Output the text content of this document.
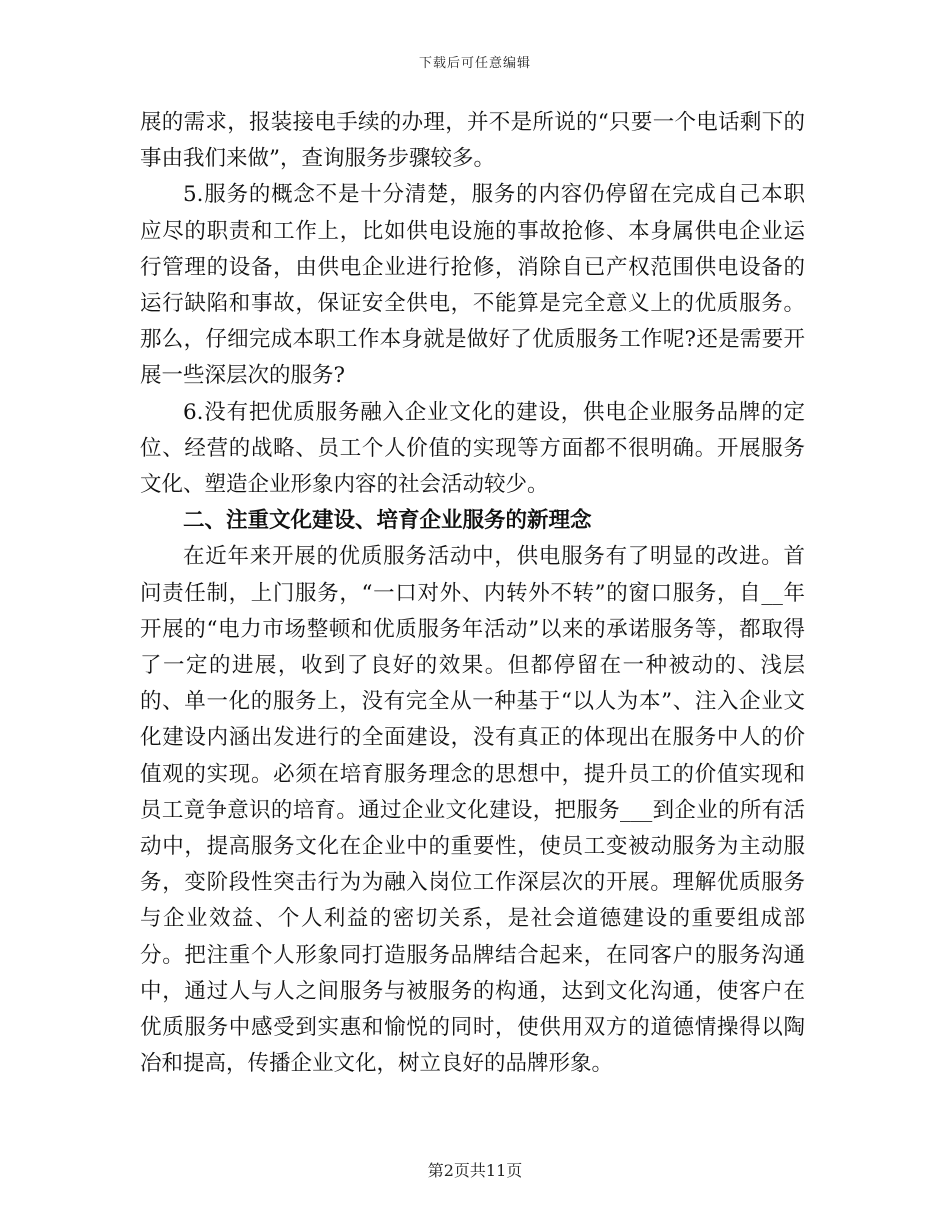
下载后可任意编辑

展的需求，报装接电手续的办理，并不是所说的“只要一个电话剩下的事由我们来做”，查询服务步骤较多。

5.服务的概念不是十分清楚，服务的内容仍停留在完成自己本职应尽的职责和工作上，比如供电设施的事故抢修、本身属供电企业运行管理的设备，由供电企业进行抢修，消除自已产权范围供电设备的运行缺陷和事故，保证安全供电，不能算是完全意义上的优质服务。那么，仔细完成本职工作本身就是做好了优质服务工作呢?还是需要开展一些深层次的服务?

6.没有把优质服务融入企业文化的建设，供电企业服务品牌的定位、经营的战略、员工个人价值的实现等方面都不很明确。开展服务文化、塑造企业形象内容的社会活动较少。

二、注重文化建设、培育企业服务的新理念

在近年来开展的优质服务活动中，供电服务有了明显的改进。首问责任制，上门服务，“一口对外、内转外不转”的窗口服务，自__年开展的“电力市场整顿和优质服务年活动”以来的承诺服务等，都取得了一定的进展，收到了良好的效果。但都停留在一种被动的、浅层的、单一化的服务上，没有完全从一种基于“以人为本”、注入企业文化建设内涵出发进行的全面建设，没有真正的体现出在服务中人的价值观的实现。必须在培育服务理念的思想中，提升员工的价值实现和员工竟争意识的培育。通过企业文化建设，把服务___到企业的所有活动中，提高服务文化在企业中的重要性，使员工变被动服务为主动服务，变阶段性突击行为为融入岗位工作深层次的开展。理解优质服务与企业效益、个人利益的密切关系，是社会道德建设的重要组成部分。把注重个人形象同打造服务品牌结合起来，在同客户的服务沟通中，通过人与人之间服务与被服务的构通，达到文化沟通，使客户在优质服务中感受到实惠和愉悦的同时，使供用双方的道德情操得以陶冶和提高，传播企业文化，树立良好的品牌形象。

第2页共11页
